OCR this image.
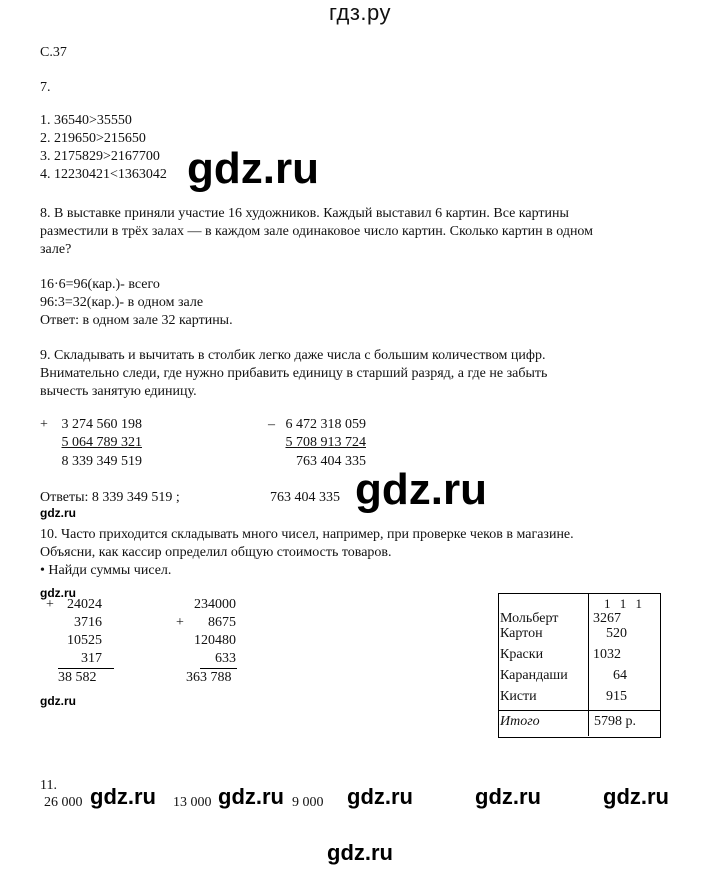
гдз.ру
С.37
7.
1. 36540>35550
2. 219650>215650
3. 2175829>2167700
4. 12230421<1363042 gdz.ru
8. В выставке приняли участие 16 художников. Каждый выставил 6 картин. Все картины
разместили в трёх залах — в каждом зале одинаковое число картин. Сколько картин в одном
зале?
16·6=96(кар.)- всего
96:3=32(кар.)- в одном зале
Ответ: в одном зале 32 картины.
9. Складывать и вычитать в столбик легко даже числа с большим количеством цифр.
Внимательно следи, где нужно прибавить единицу в старший разряд, а где не забыть
вычесть занятую единицу.
+ 3 274 560 198
5 064 789 321
8 339 349 519
– 6 472 318 059
5 708 913 724
763 404 335
Ответы: 8 339 349 519 ;	763 404 335 gdz.ru
gdz.ru
10. Часто приходится складывать много чисел, например, при проверке чеков в магазине.
Объясни, как кассир определил общую стоимость товаров.
• Найди суммы чисел.
gdz.ru
+ 24024
3716
10525
317
38 582
+
234000
8675
120480
633
363 788
gdz.ru
1 1 1
Мольберт 3267
Картон	520
Краски	1032
Карандаши	64
Кисти	915
Итого	5798 р.
11.
26 000 gdz.ru 13 000 gdz.ru 9 000 gdz.ru	gdz.ru	gdz.ru
gdz.ru
